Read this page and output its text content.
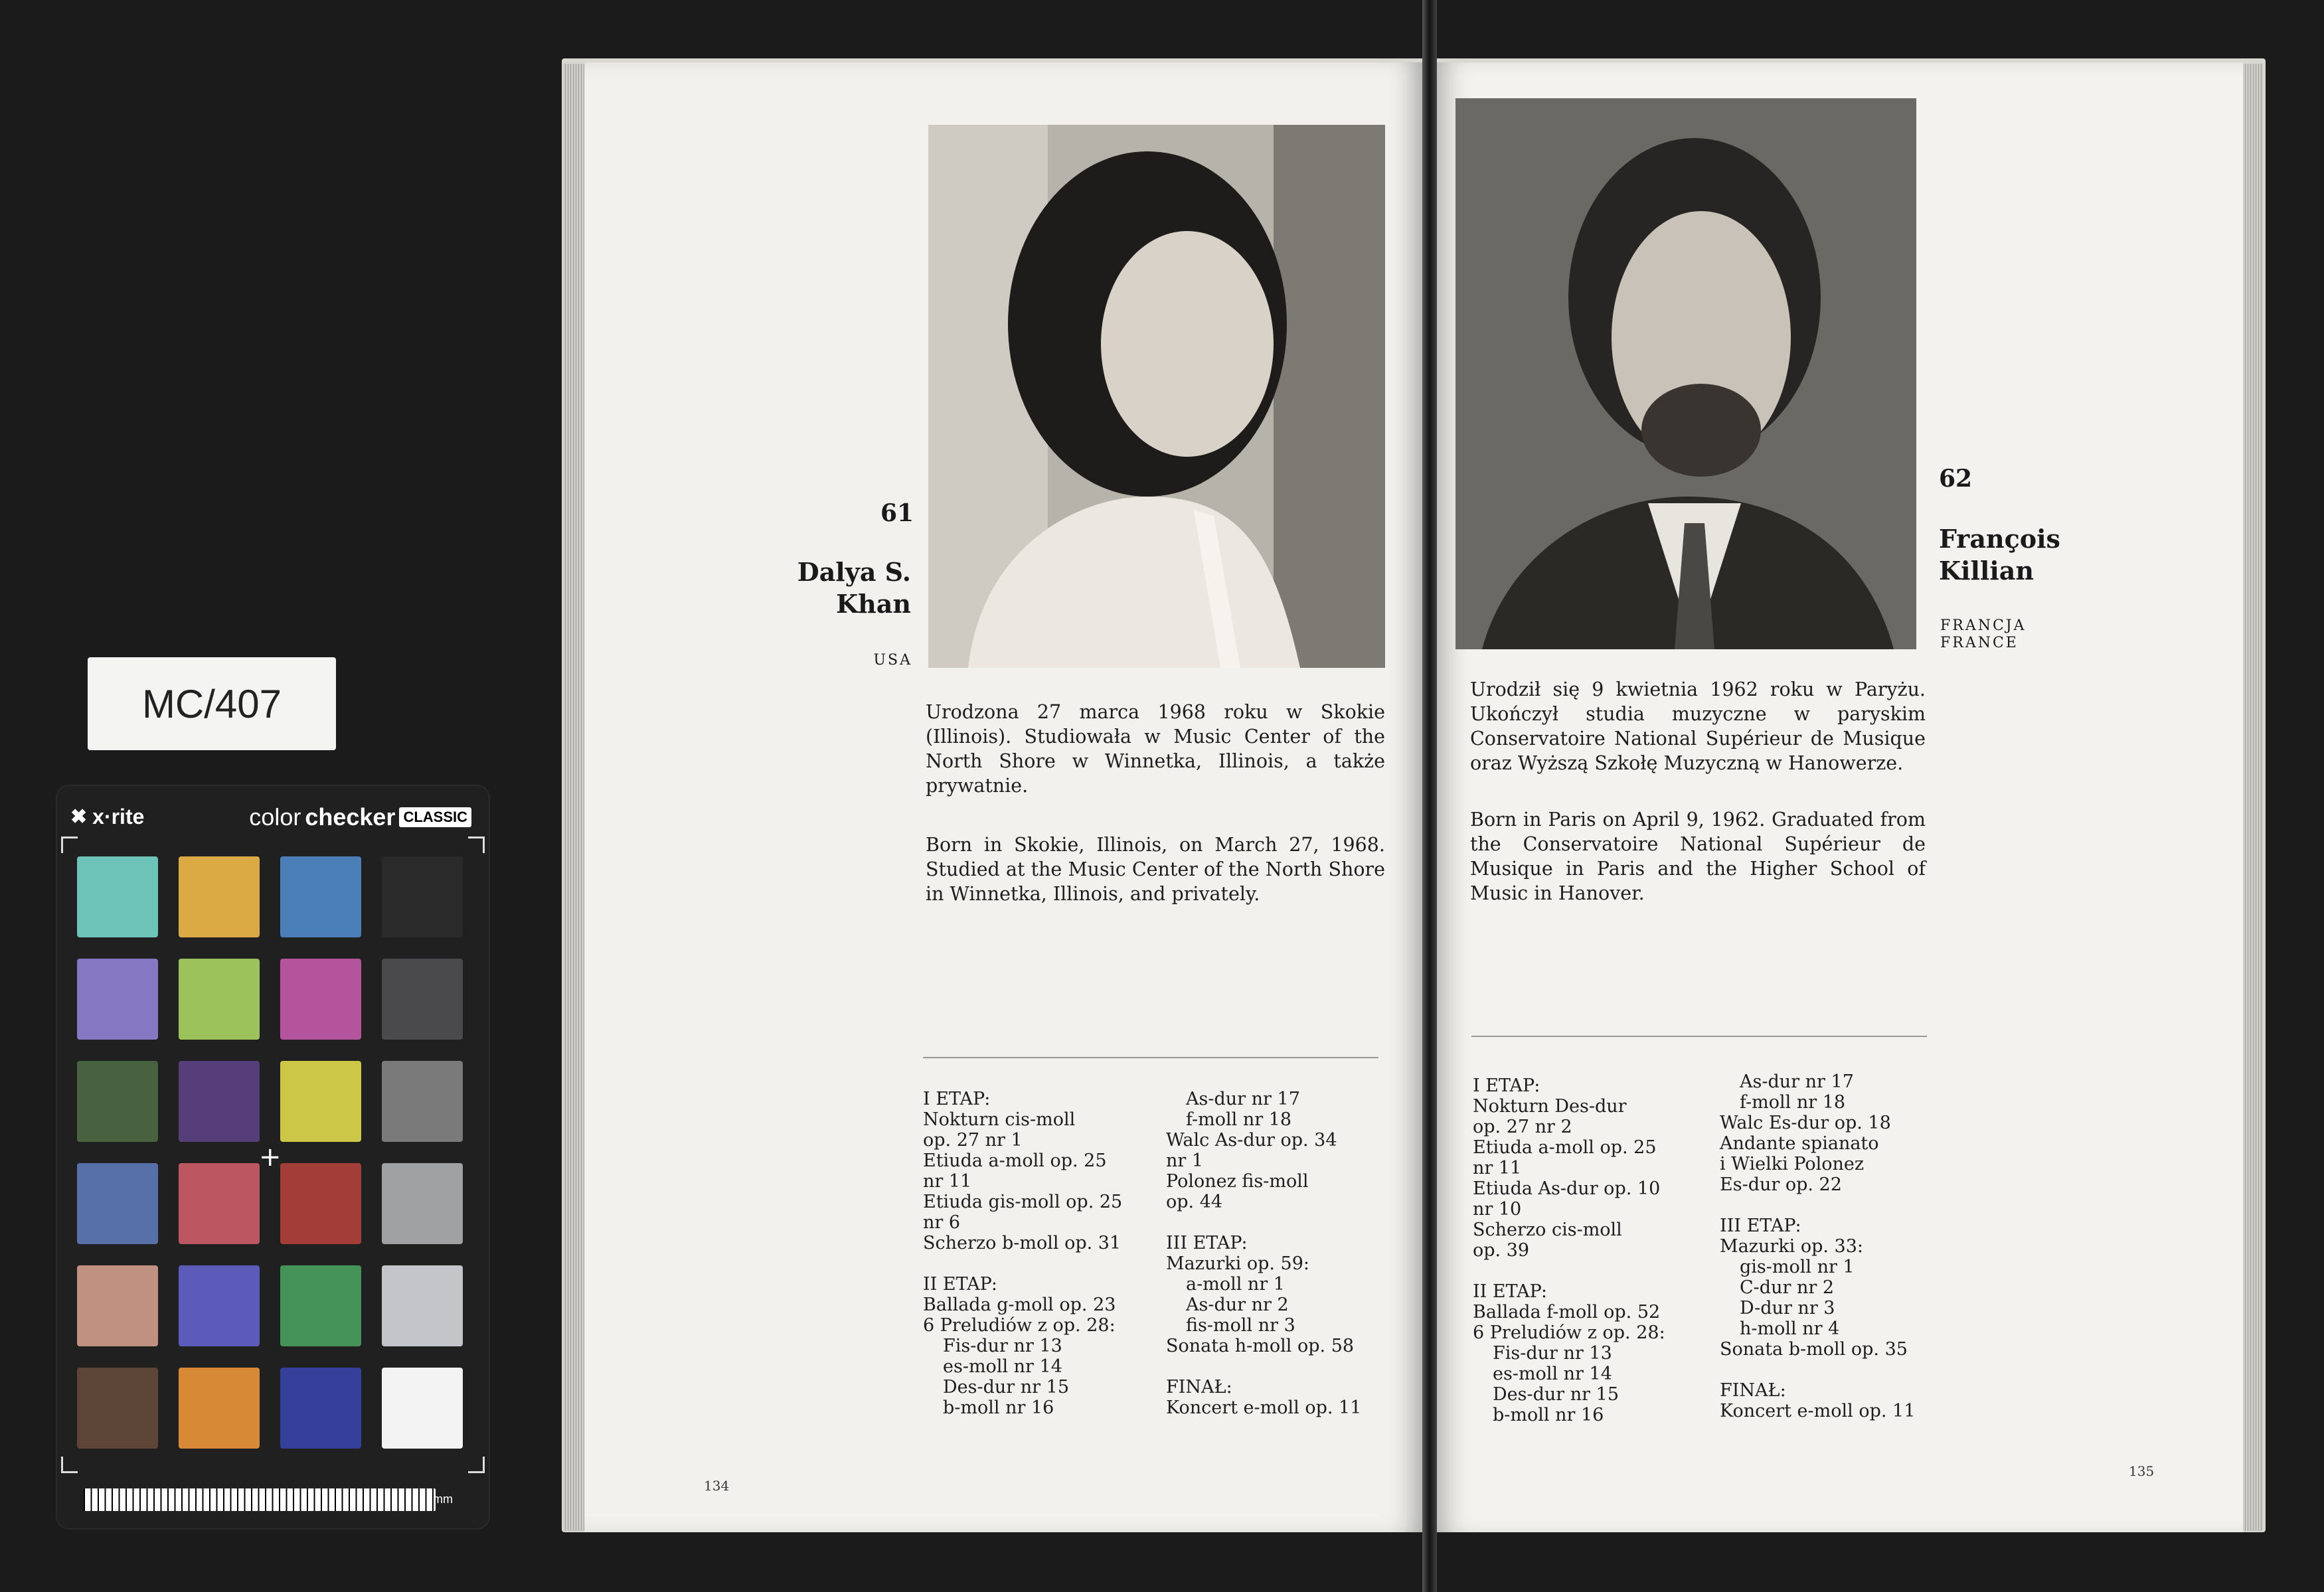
MC/407
✖ x·rite	color checker CLASSIC
+
mm
61
Dalya S.
Khan
USA
Urodzona 27 marca 1968 roku w Skokie (Illinois). Studiowała w Music Center of the North Shore w Winnetka, Illinois, a także prywatnie.
Born in Skokie, Illinois, on March 27, 1968. Studied at the Music Center of the North Shore in Winnetka, Illinois, and privately.
I ETAP:
Nokturn cis-moll
op. 27 nr 1
Etiuda a-moll op. 25
nr 11
Etiuda gis-moll op. 25
nr 6
Scherzo b-moll op. 31
II ETAP:
Ballada g-moll op. 23
6 Preludiów z op. 28:
Fis-dur nr 13
es-moll nr 14
Des-dur nr 15
b-moll nr 16
As-dur nr 17
f-moll nr 18
Walc As-dur op. 34
nr 1
Polonez fis-moll
op. 44
III ETAP:
Mazurki op. 59:
a-moll nr 1
As-dur nr 2
fis-moll nr 3
Sonata h-moll op. 58
FINAŁ:
Koncert e-moll op. 11
134
62
François
Killian
FRANCJA
FRANCE
Urodził się 9 kwietnia 1962 roku w Paryżu. Ukończył studia muzyczne w paryskim Conservatoire National Supérieur de Musique oraz Wyższą Szkołę Muzyczną w Hanowerze.
Born in Paris on April 9, 1962. Graduated from the Conservatoire National Supérieur de Musique in Paris and the Higher School of Music in Hanover.
I ETAP:
Nokturn Des-dur
op. 27 nr 2
Etiuda a-moll op. 25
nr 11
Etiuda As-dur op. 10
nr 10
Scherzo cis-moll
op. 39
II ETAP:
Ballada f-moll op. 52
6 Preludiów z op. 28:
Fis-dur nr 13
es-moll nr 14
Des-dur nr 15
b-moll nr 16
As-dur nr 17
f-moll nr 18
Walc Es-dur op. 18
Andante spianato
i Wielki Polonez
Es-dur op. 22
III ETAP:
Mazurki op. 33:
gis-moll nr 1
C-dur nr 2
D-dur nr 3
h-moll nr 4
Sonata b-moll op. 35
FINAŁ:
Koncert e-moll op. 11
135
